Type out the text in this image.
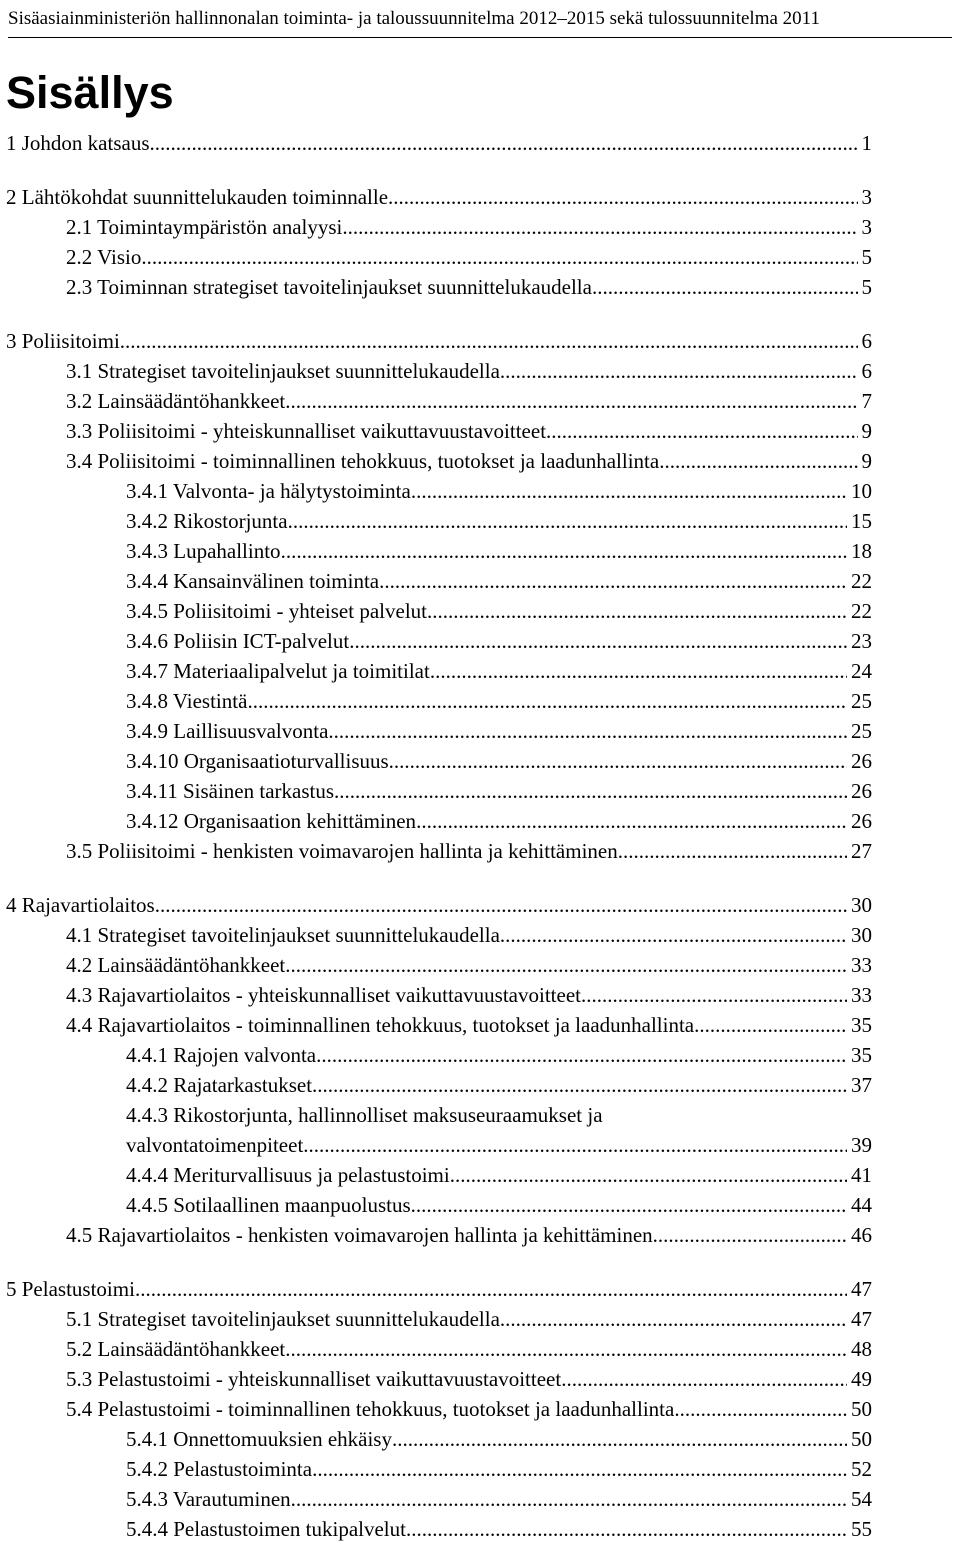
Sisäasiainministeriön hallinnonalan toiminta- ja taloussuunnitelma 2012–2015 sekä tulossuunnitelma 2011
Sisällys
1 Johdon katsaus .....	1
2 Lähtökohdat suunnittelukauden toiminnalle .....	3
2.1 Toimintaympäristön analyysi .....	3
2.2 Visio .....	5
2.3 Toiminnan strategiset tavoitelinjaukset suunnittelukaudella .....	5
3 Poliisitoimi .....	6
3.1 Strategiset tavoitelinjaukset suunnittelukaudella .....	6
3.2 Lainsäädäntöhankkeet .....	7
3.3 Poliisitoimi - yhteiskunnalliset vaikuttavuustavoitteet .....	9
3.4 Poliisitoimi - toiminnallinen tehokkuus, tuotokset ja laadunhallinta .....	9
3.4.1 Valvonta- ja hälytystoiminta .....	10
3.4.2 Rikostorjunta .....	15
3.4.3 Lupahallinto .....	18
3.4.4 Kansainvälinen toiminta .....	22
3.4.5 Poliisitoimi - yhteiset palvelut .....	22
3.4.6 Poliisin ICT-palvelut .....	23
3.4.7 Materiaalipalvelut ja toimitilat .....	24
3.4.8 Viestintä .....	25
3.4.9 Laillisuusvalvonta .....	25
3.4.10 Organisaatioturvallisuus .....	26
3.4.11 Sisäinen tarkastus .....	26
3.4.12 Organisaation kehittäminen .....	26
3.5 Poliisitoimi - henkisten voimavarojen hallinta ja kehittäminen .....	27
4 Rajavartiolaitos .....	30
4.1 Strategiset tavoitelinjaukset suunnittelukaudella .....	30
4.2 Lainsäädäntöhankkeet .....	33
4.3 Rajavartiolaitos - yhteiskunnalliset vaikuttavuustavoitteet .....	33
4.4 Rajavartiolaitos - toiminnallinen tehokkuus, tuotokset ja laadunhallinta .....	35
4.4.1 Rajojen valvonta .....	35
4.4.2 Rajatarkastukset .....	37
4.4.3 Rikostorjunta, hallinnolliset maksuseuraamukset ja
valvontatoimenpiteet .....	39
4.4.4 Meriturvallisuus ja pelastustoimi .....	41
4.4.5 Sotilaallinen maanpuolustus .....	44
4.5 Rajavartiolaitos - henkisten voimavarojen hallinta ja kehittäminen .....	46
5 Pelastustoimi .....	47
5.1 Strategiset tavoitelinjaukset suunnittelukaudella .....	47
5.2 Lainsäädäntöhankkeet .....	48
5.3 Pelastustoimi - yhteiskunnalliset vaikuttavuustavoitteet .....	49
5.4 Pelastustoimi - toiminnallinen tehokkuus, tuotokset ja laadunhallinta .....	50
5.4.1 Onnettomuuksien ehkäisy .....	50
5.4.2 Pelastustoiminta .....	52
5.4.3 Varautuminen .....	54
5.4.4 Pelastustoimen tukipalvelut .....	55
